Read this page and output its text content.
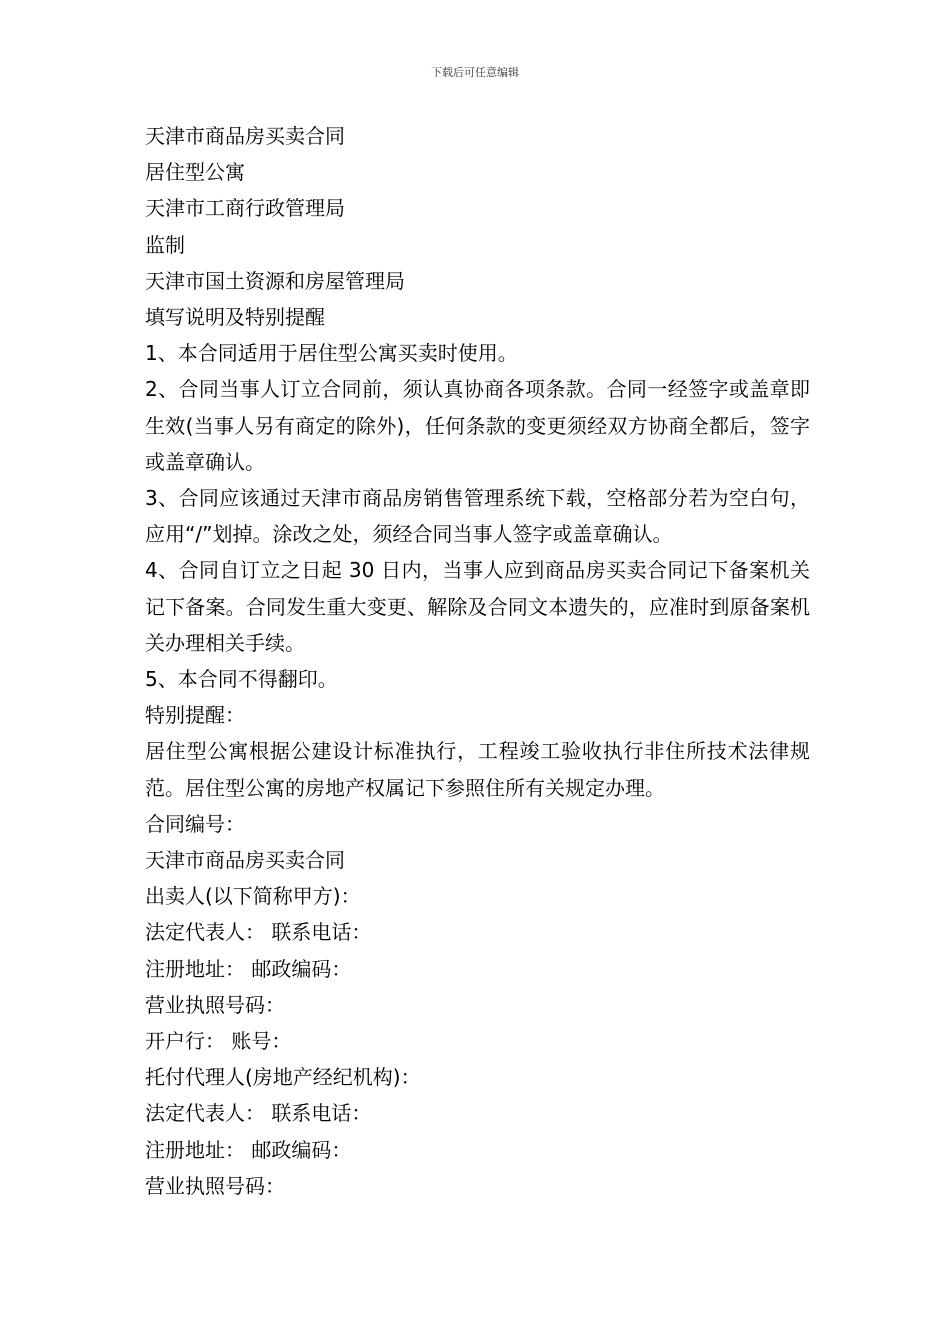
下载后可任意编辑

天津市商品房买卖合同

居住型公寓

天津市工商行政管理局

监制

天津市国土资源和房屋管理局

填写说明及特别提醒

1、本合同适用于居住型公寓买卖时使用。

2、合同当事人订立合同前，须认真协商各项条款。合同一经签字或盖章即生效(当事人另有商定的除外)，任何条款的变更须经双方协商全都后，签字或盖章确认。

3、合同应该通过天津市商品房销售管理系统下载，空格部分若为空白句，应用“/”划掉。涂改之处，须经合同当事人签字或盖章确认。

4、合同自订立之日起 30 日内，当事人应到商品房买卖合同记下备案机关记下备案。合同发生重大变更、解除及合同文本遗失的，应准时到原备案机关办理相关手续。

5、本合同不得翻印。

特别提醒：

居住型公寓根据公建设计标准执行，工程竣工验收执行非住所技术法律规范。居住型公寓的房地产权属记下参照住所有关规定办理。

合同编号：

天津市商品房买卖合同

出卖人(以下简称甲方)：

法定代表人： 联系电话：

注册地址： 邮政编码：

营业执照号码：

开户行： 账号：

托付代理人(房地产经纪机构)：

法定代表人： 联系电话：

注册地址： 邮政编码：

营业执照号码：
